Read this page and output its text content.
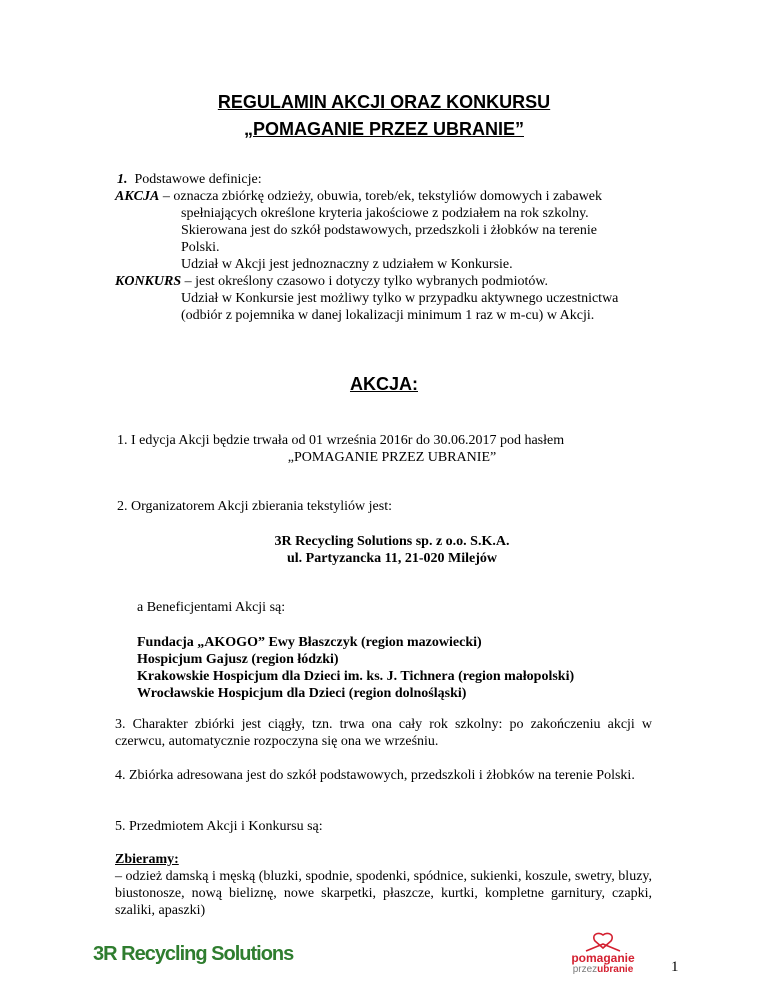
REGULAMIN AKCJI ORAZ KONKURSU
„POMAGANIE PRZEZ UBRANIE”
1. Podstawowe definicje:
AKCJA – oznacza zbiórkę odzieży, obuwia, toreb/ek, tekstyliów domowych i zabawek
spełniających określone kryteria jakościowe z podziałem na rok szkolny.
Skierowana jest do szkół podstawowych, przedszkoli i żłobków na terenie
Polski.
Udział w Akcji jest jednoznaczny z udziałem w Konkursie.
KONKURS – jest określony czasowo i dotyczy tylko wybranych podmiotów.
Udział w Konkursie jest możliwy tylko w przypadku aktywnego uczestnictwa
(odbiór z pojemnika w danej lokalizacji minimum 1 raz w m-cu) w Akcji.
AKCJA:
1. I edycja Akcji będzie trwała od 01 września 2016r do 30.06.2017 pod hasłem
„POMAGANIE PRZEZ UBRANIE”
2. Organizatorem Akcji zbierania tekstyliów jest:
3R Recycling Solutions sp. z o.o. S.K.A.
ul. Partyzancka 11, 21-020 Milejów
a Beneficjentami Akcji są:
Fundacja „AKOGO” Ewy Błaszczyk (region mazowiecki)
Hospicjum Gajusz (region łódzki)
Krakowskie Hospicjum dla Dzieci im. ks. J. Tichnera (region małopolski)
Wrocławskie Hospicjum dla Dzieci (region dolnośląski)
3. Charakter zbiórki jest ciągły, tzn. trwa ona cały rok szkolny: po zakończeniu akcji w czerwcu, automatycznie rozpoczyna się ona we wrześniu.
4. Zbiórka adresowana jest do szkół podstawowych, przedszkoli i żłobków na terenie Polski.
5. Przedmiotem Akcji i Konkursu są:
Zbieramy:
– odzież damską i męską (bluzki, spodnie, spodenki, spódnice, sukienki, koszule, swetry, bluzy, biustonosze, nową bieliznę, nowe skarpetki, płaszcze, kurtki, kompletne garnitury, czapki, szaliki, apaszki)
3R Recycling Solutions	pomaganie
przezubranie	1
